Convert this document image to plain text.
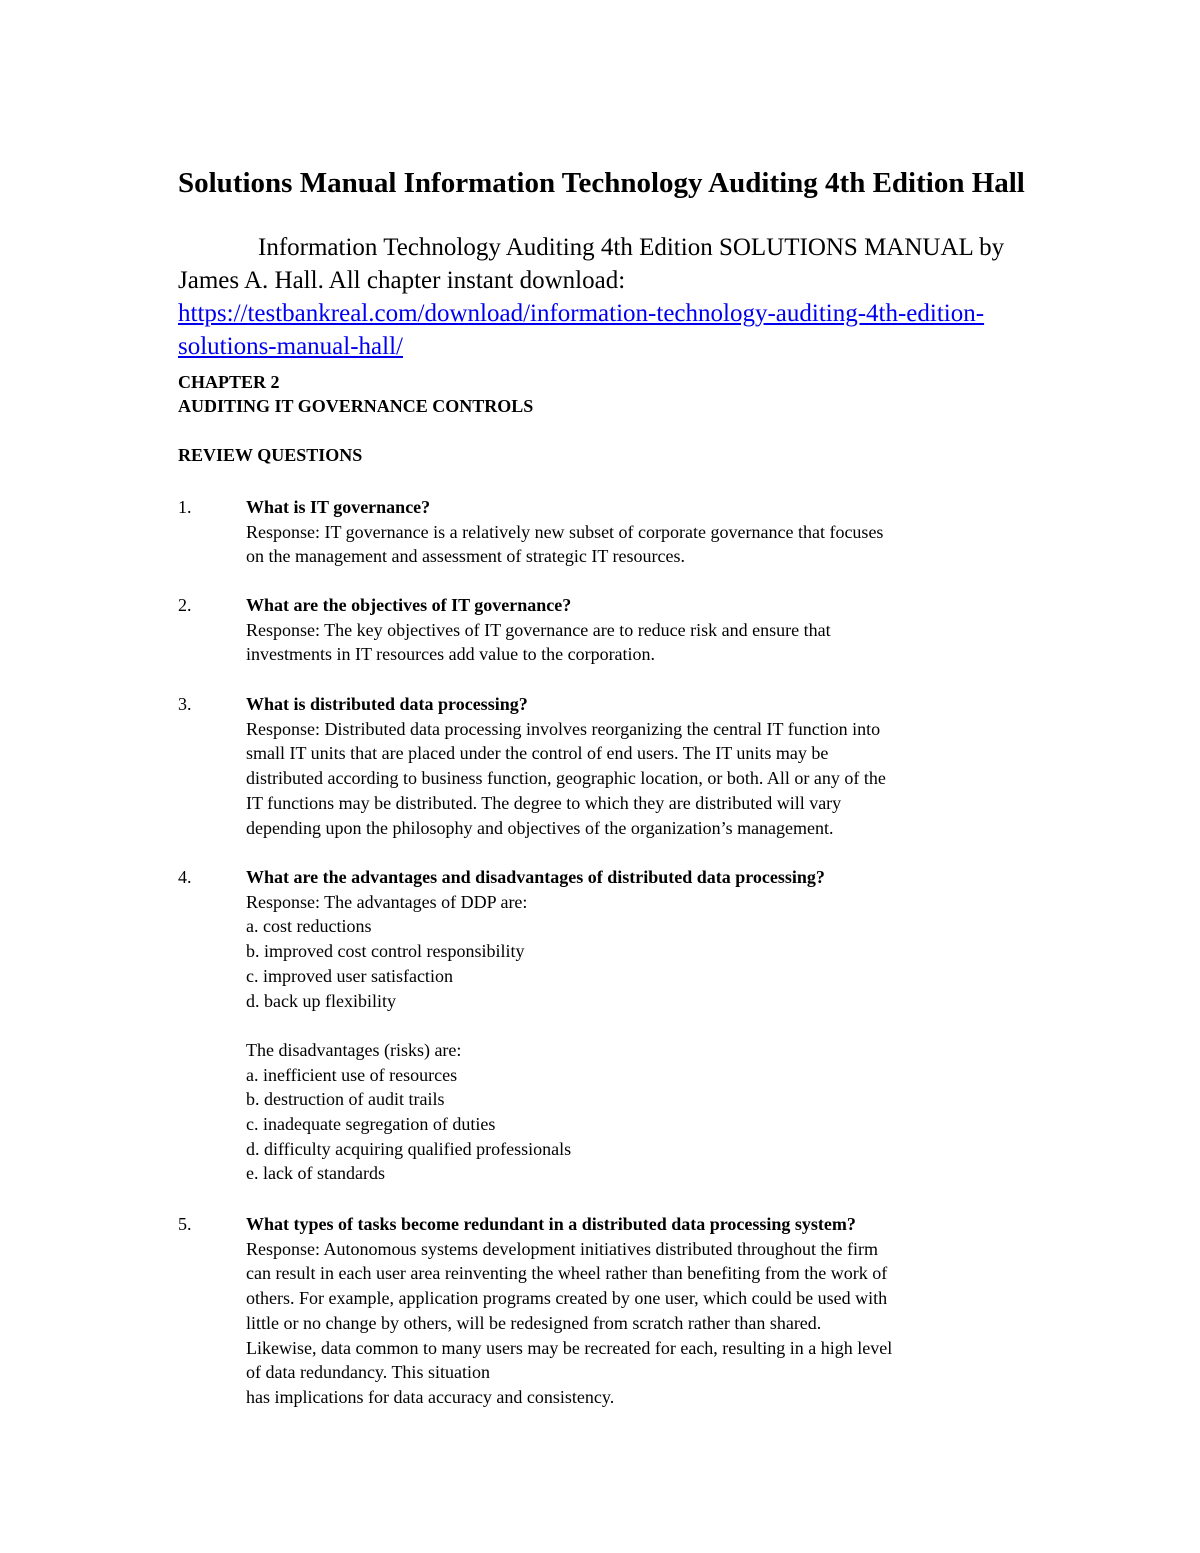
Solutions Manual Information Technology Auditing 4th Edition Hall

Information Technology Auditing 4th Edition SOLUTIONS MANUAL by James A. Hall. All chapter instant download: https://testbankreal.com/download/information-technology-auditing-4th-edition-solutions-manual-hall/

CHAPTER 2
AUDITING IT GOVERNANCE CONTROLS
REVIEW QUESTIONS
1.	What is IT governance?
Response: IT governance is a relatively new subset of corporate governance that focuses
on the management and assessment of strategic IT resources.
2.	What are the objectives of IT governance?
Response: The key objectives of IT governance are to reduce risk and ensure that
investments in IT resources add value to the corporation.
3.	What is distributed data processing?
Response: Distributed data processing involves reorganizing the central IT function into
small IT units that are placed under the control of end users. The IT units may be
distributed according to business function, geographic location, or both. All or any of the
IT functions may be distributed. The degree to which they are distributed will vary
depending upon the philosophy and objectives of the organization’s management.
4.	What are the advantages and disadvantages of distributed data processing?
Response: The advantages of DDP are:
a. cost reductions
b. improved cost control responsibility
c. improved user satisfaction
d. back up flexibility
The disadvantages (risks) are:
a. inefficient use of resources
b. destruction of audit trails
c. inadequate segregation of duties
d. difficulty acquiring qualified professionals
e. lack of standards
5.	What types of tasks become redundant in a distributed data processing system?
Response: Autonomous systems development initiatives distributed throughout the firm
can result in each user area reinventing the wheel rather than benefiting from the work of
others. For example, application programs created by one user, which could be used with
little or no change by others, will be redesigned from scratch rather than shared.
Likewise, data common to many users may be recreated for each, resulting in a high level
of data redundancy. This situation
has implications for data accuracy and consistency.
